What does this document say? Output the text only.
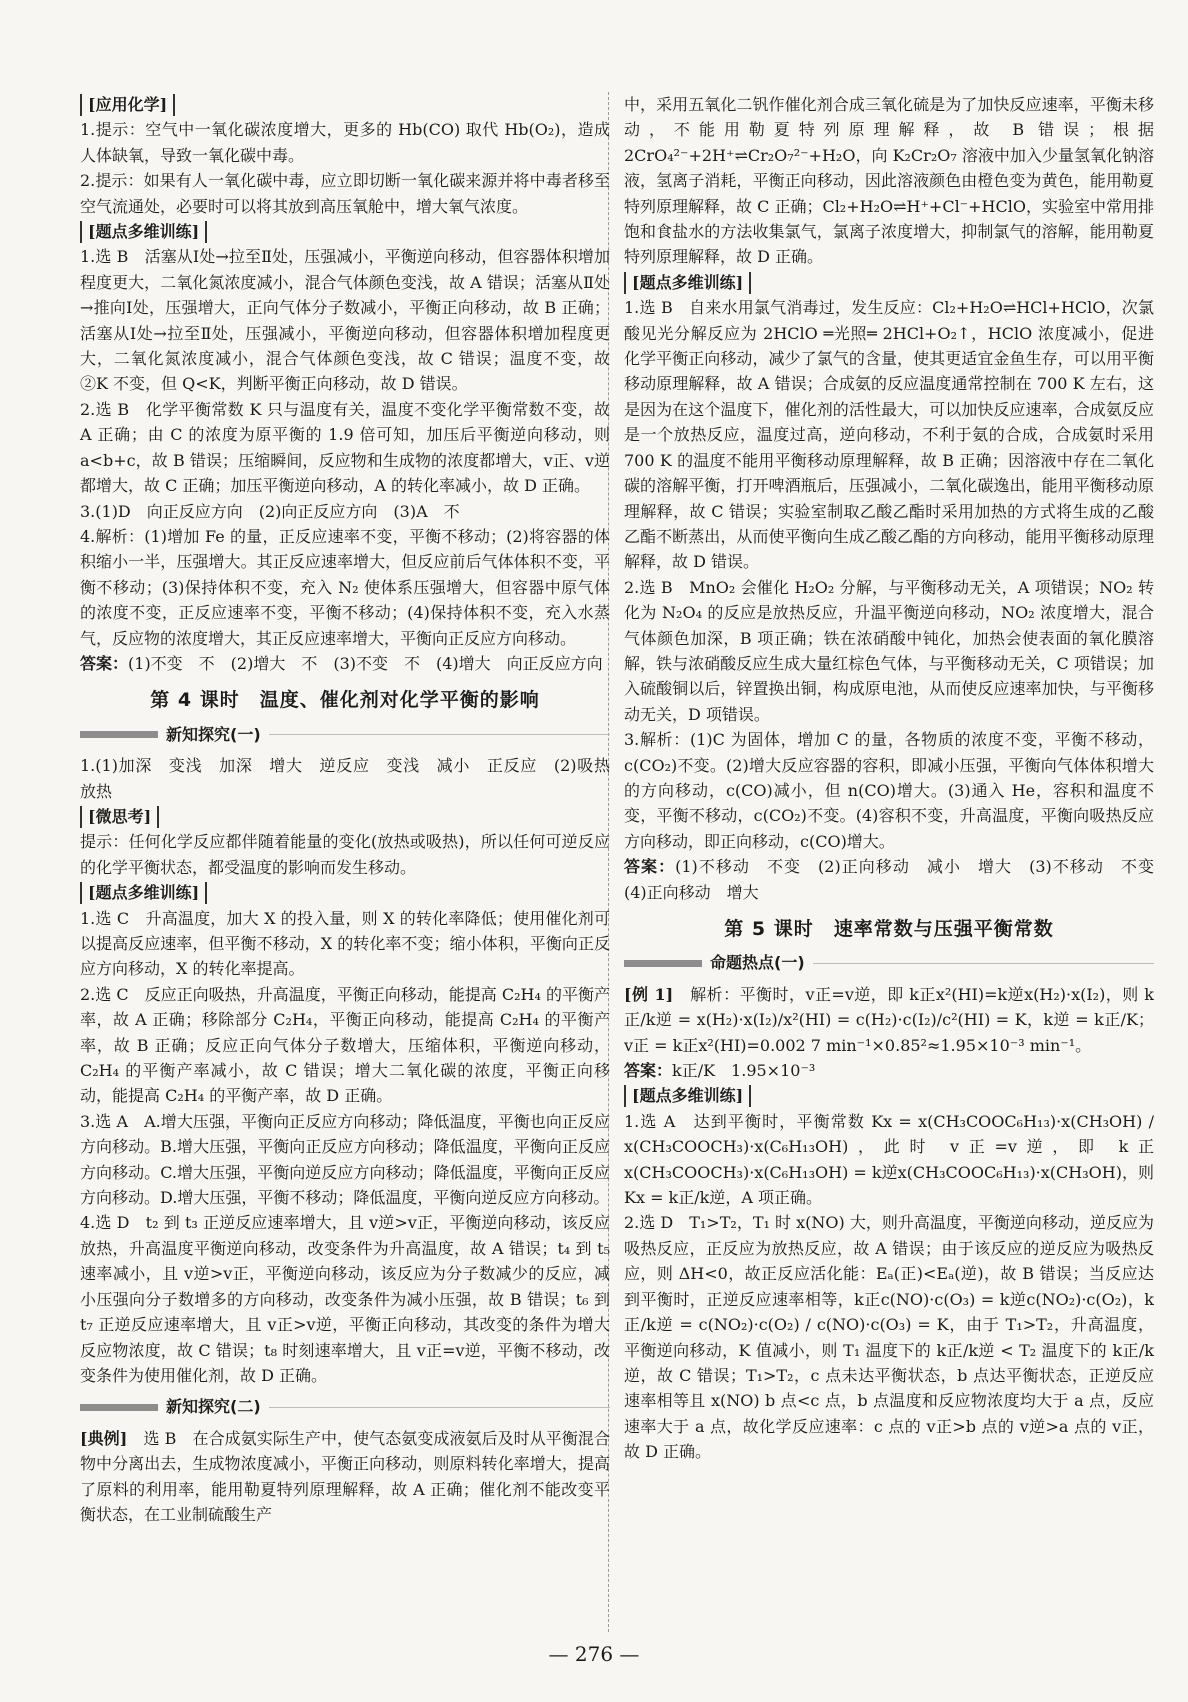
[应用化学]

1.提示：空气中一氧化碳浓度增大，更多的 Hb(CO) 取代 Hb(O₂)，造成人体缺氧，导致一氧化碳中毒。

2.提示：如果有人一氧化碳中毒，应立即切断一氧化碳来源并将中毒者移至空气流通处，必要时可以将其放到高压氧舱中，增大氧气浓度。

[题点多维训练]

1.选 B　活塞从Ⅰ处→拉至Ⅱ处，压强减小，平衡逆向移动，但容器体积增加程度更大，二氧化氮浓度减小，混合气体颜色变浅，故 A 错误；活塞从Ⅱ处→推向Ⅰ处，压强增大，正向气体分子数减小，平衡正向移动，故 B 正确；活塞从Ⅰ处→拉至Ⅱ处，压强减小，平衡逆向移动，但容器体积增加程度更大，二氧化氮浓度减小，混合气体颜色变浅，故 C 错误；温度不变，故②K 不变，但 Q<K，判断平衡正向移动，故 D 错误。

2.选 B　化学平衡常数 K 只与温度有关，温度不变化学平衡常数不变，故 A 正确；由 C 的浓度为原平衡的 1.9 倍可知，加压后平衡逆向移动，则 a<b+c，故 B 错误；压缩瞬间，反应物和生成物的浓度都增大，v正、v逆 都增大，故 C 正确；加压平衡逆向移动，A 的转化率减小，故 D 正确。

3.(1)D　向正反应方向　(2)向正反应方向　(3)A　不

4.解析：(1)增加 Fe 的量，正反应速率不变，平衡不移动；(2)将容器的体积缩小一半，压强增大。其正反应速率增大，但反应前后气体体积不变，平衡不移动；(3)保持体积不变，充入 N₂ 使体系压强增大，但容器中原气体的浓度不变，正反应速率不变，平衡不移动；(4)保持体积不变，充入水蒸气，反应物的浓度增大，其正反应速率增大，平衡向正反应方向移动。

答案：(1)不变　不　(2)增大　不　(3)不变　不　(4)增大　向正反应方向

第 4 课时　温度、催化剂对化学平衡的影响
新知探究(一)

1.(1)加深　变浅　加深　增大　逆反应　变浅　减小　正反应　(2)吸热　放热

[微思考]

提示：任何化学反应都伴随着能量的变化(放热或吸热)，所以任何可逆反应的化学平衡状态，都受温度的影响而发生移动。

[题点多维训练]

1.选 C　升高温度，加大 X 的投入量，则 X 的转化率降低；使用催化剂可以提高反应速率，但平衡不移动，X 的转化率不变；缩小体积，平衡向正反应方向移动，X 的转化率提高。

2.选 C　反应正向吸热，升高温度，平衡正向移动，能提高 C₂H₄ 的平衡产率，故 A 正确；移除部分 C₂H₄，平衡正向移动，能提高 C₂H₄ 的平衡产率，故 B 正确；反应正向气体分子数增大，压缩体积，平衡逆向移动，C₂H₄ 的平衡产率减小，故 C 错误；增大二氧化碳的浓度，平衡正向移动，能提高 C₂H₄ 的平衡产率，故 D 正确。

3.选 A　A.增大压强，平衡向正反应方向移动；降低温度，平衡也向正反应方向移动。B.增大压强，平衡向正反应方向移动；降低温度，平衡向正反应方向移动。C.增大压强，平衡向逆反应方向移动；降低温度，平衡向正反应方向移动。D.增大压强，平衡不移动；降低温度，平衡向逆反应方向移动。

4.选 D　t₂ 到 t₃ 正逆反应速率增大，且 v逆>v正，平衡逆向移动，该反应放热，升高温度平衡逆向移动，改变条件为升高温度，故 A 错误；t₄ 到 t₅ 速率减小，且 v逆>v正，平衡逆向移动，该反应为分子数减少的反应，减小压强向分子数增多的方向移动，改变条件为减小压强，故 B 错误；t₆ 到 t₇ 正逆反应速率增大，且 v正>v逆，平衡正向移动，其改变的条件为增大反应物浓度，故 C 错误；t₈ 时刻速率增大，且 v正=v逆，平衡不移动，改变条件为使用催化剂，故 D 正确。

新知探究(二)

[典例]　 选 B　在合成氨实际生产中，使气态氨变成液氨后及时从平衡混合物中分离出去，生成物浓度减小，平衡正向移动，则原料转化率增大，提高了原料的利用率，能用勒夏特列原理解释，故 A 正确；催化剂不能改变平衡状态，在工业制硫酸生产

中，采用五氧化二钒作催化剂合成三氧化硫是为了加快反应速率，平衡未移动，不能用勒夏特列原理解释，故 B 错误；根据 2CrO₄²⁻+2H⁺⇌Cr₂O₇²⁻+H₂O，向 K₂Cr₂O₇ 溶液中加入少量氢氧化钠溶液，氢离子消耗，平衡正向移动，因此溶液颜色由橙色变为黄色，能用勒夏特列原理解释，故 C 正确；Cl₂+H₂O⇌H⁺+Cl⁻+HClO，实验室中常用排饱和食盐水的方法收集氯气，氯离子浓度增大，抑制氯气的溶解，能用勒夏特列原理解释，故 D 正确。

[题点多维训练]

1.选 B　自来水用氯气消毒过，发生反应：Cl₂+H₂O⇌HCl+HClO，次氯酸见光分解反应为 2HClO ═光照═ 2HCl+O₂↑，HClO 浓度减小，促进化学平衡正向移动，减少了氯气的含量，使其更适宜金鱼生存，可以用平衡移动原理解释，故 A 错误；合成氨的反应温度通常控制在 700 K 左右，这是因为在这个温度下，催化剂的活性最大，可以加快反应速率，合成氨反应是一个放热反应，温度过高，逆向移动，不利于氨的合成，合成氨时采用 700 K 的温度不能用平衡移动原理解释，故 B 正确；因溶液中存在二氧化碳的溶解平衡，打开啤酒瓶后，压强减小，二氧化碳逸出，能用平衡移动原理解释，故 C 错误；实验室制取乙酸乙酯时采用加热的方式将生成的乙酸乙酯不断蒸出，从而使平衡向生成乙酸乙酯的方向移动，能用平衡移动原理解释，故 D 错误。

2.选 B　MnO₂ 会催化 H₂O₂ 分解，与平衡移动无关，A 项错误；NO₂ 转化为 N₂O₄ 的反应是放热反应，升温平衡逆向移动，NO₂ 浓度增大，混合气体颜色加深，B 项正确；铁在浓硝酸中钝化，加热会使表面的氧化膜溶解，铁与浓硝酸反应生成大量红棕色气体，与平衡移动无关，C 项错误；加入硫酸铜以后，锌置换出铜，构成原电池，从而使反应速率加快，与平衡移动无关，D 项错误。

3.解析：(1)C 为固体，增加 C 的量，各物质的浓度不变，平衡不移动，c(CO₂)不变。(2)增大反应容器的容积，即减小压强，平衡向气体体积增大的方向移动，c(CO)减小，但 n(CO)增大。(3)通入 He，容积和温度不变，平衡不移动，c(CO₂)不变。(4)容积不变，升高温度，平衡向吸热反应方向移动，即正向移动，c(CO)增大。

答案：(1)不移动　不变　(2)正向移动　减小　增大　(3)不移动　不变　(4)正向移动　增大

第 5 课时　速率常数与压强平衡常数
命题热点(一)

[例 1]　 解析：平衡时，v正=v逆，即 k正x²(HI)=k逆x(H₂)·x(I₂)，则 k正/k逆 = x(H₂)·x(I₂)/x²(HI) = c(H₂)·c(I₂)/c²(HI) = K，k逆 = k正/K；v正 = k正x²(HI)=0.002 7 min⁻¹×0.85²≈1.95×10⁻³ min⁻¹。

答案：k正/K　1.95×10⁻³

[题点多维训练]

1.选 A　达到平衡时，平衡常数 Kx = x(CH₃COOC₆H₁₃)·x(CH₃OH) / x(CH₃COOCH₃)·x(C₆H₁₃OH)，此时 v正=v逆，即 k正x(CH₃COOCH₃)·x(C₆H₁₃OH) = k逆x(CH₃COOC₆H₁₃)·x(CH₃OH)，则 Kx = k正/k逆，A 项正确。

2.选 D　T₁>T₂，T₁ 时 x(NO) 大，则升高温度，平衡逆向移动，逆反应为吸热反应，正反应为放热反应，故 A 错误；由于该反应的逆反应为吸热反应，则 ΔH<0，故正反应活化能：Eₐ(正)<Eₐ(逆)，故 B 错误；当反应达到平衡时，正逆反应速率相等，k正c(NO)·c(O₃) = k逆c(NO₂)·c(O₂)，k正/k逆 = c(NO₂)·c(O₂) / c(NO)·c(O₃) = K，由于 T₁>T₂，升高温度，平衡逆向移动，K 值减小，则 T₁ 温度下的 k正/k逆 < T₂ 温度下的 k正/k逆，故 C 错误；T₁>T₂，c 点未达平衡状态，b 点达平衡状态，正逆反应速率相等且 x(NO) b 点<c 点，b 点温度和反应物浓度均大于 a 点，反应速率大于 a 点，故化学反应速率：c 点的 v正>b 点的 v逆>a 点的 v正，故 D 正确。

— 276 —
